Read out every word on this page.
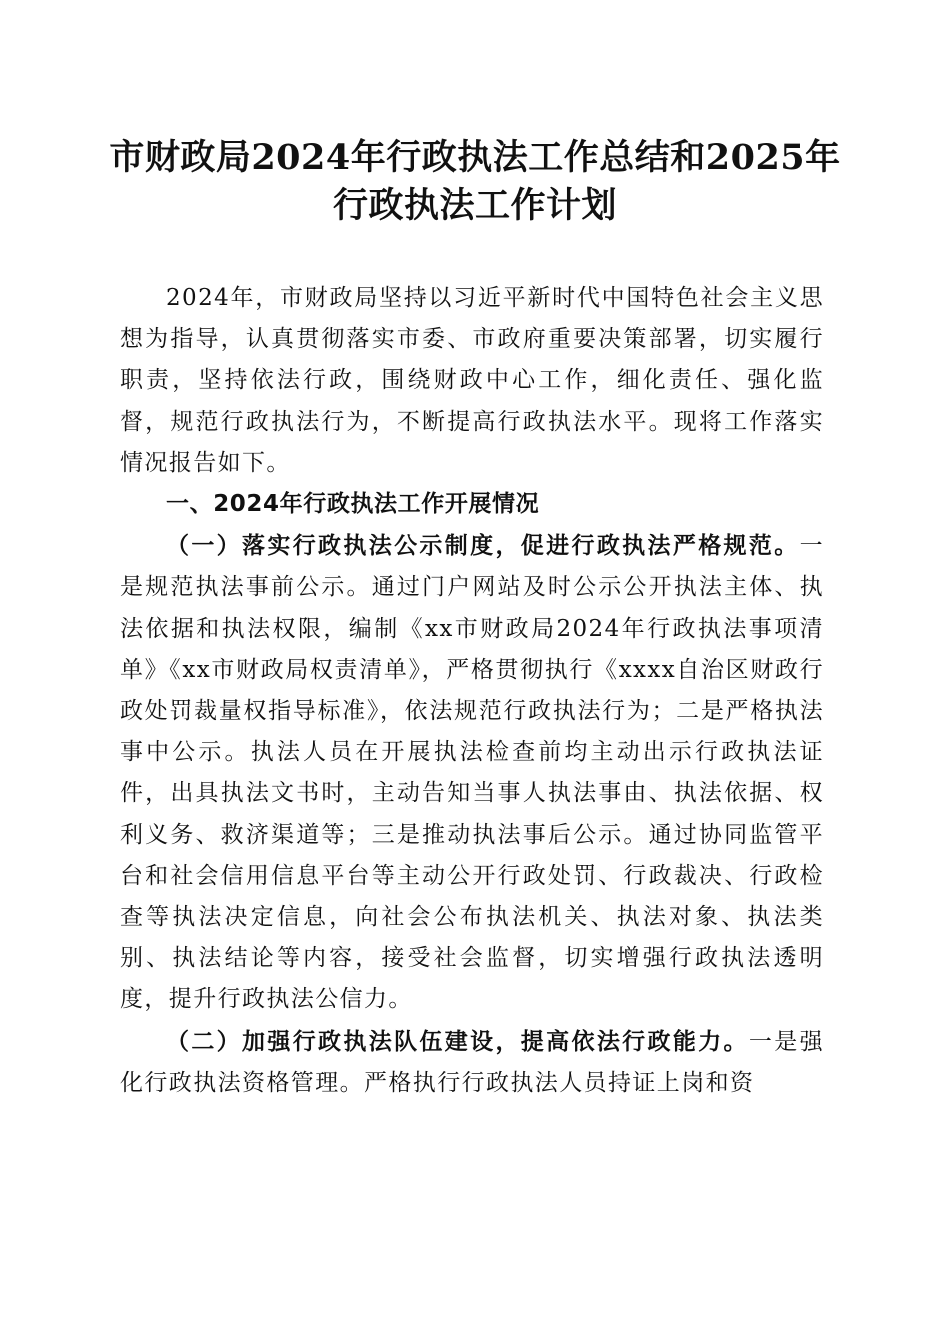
市财政局2024年行政执法工作总结和2025年
行政执法工作计划

2024年，市财政局坚持以习近平新时代中国特色社会主义思想为指导，认真贯彻落实市委、市政府重要决策部署，切实履行职责，坚持依法行政，围绕财政中心工作，细化责任、强化监督，规范行政执法行为，不断提高行政执法水平。现将工作落实情况报告如下。

一、2024年行政执法工作开展情况

（一）落实行政执法公示制度，促进行政执法严格规范。一是规范执法事前公示。通过门户网站及时公示公开执法主体、执法依据和执法权限，编制《xx市财政局2024年行政执法事项清单》《xx市财政局权责清单》，严格贯彻执行《xxxx自治区财政行政处罚裁量权指导标准》，依法规范行政执法行为；二是严格执法事中公示。执法人员在开展执法检查前均主动出示行政执法证件，出具执法文书时，主动告知当事人执法事由、执法依据、权利义务、救济渠道等；三是推动执法事后公示。通过协同监管平台和社会信用信息平台等主动公开行政处罚、行政裁决、行政检查等执法决定信息，向社会公布执法机关、执法对象、执法类别、执法结论等内容，接受社会监督，切实增强行政执法透明度，提升行政执法公信力。

（二）加强行政执法队伍建设，提高依法行政能力。一是强化行政执法资格管理。严格执行行政执法人员持证上岗和资
